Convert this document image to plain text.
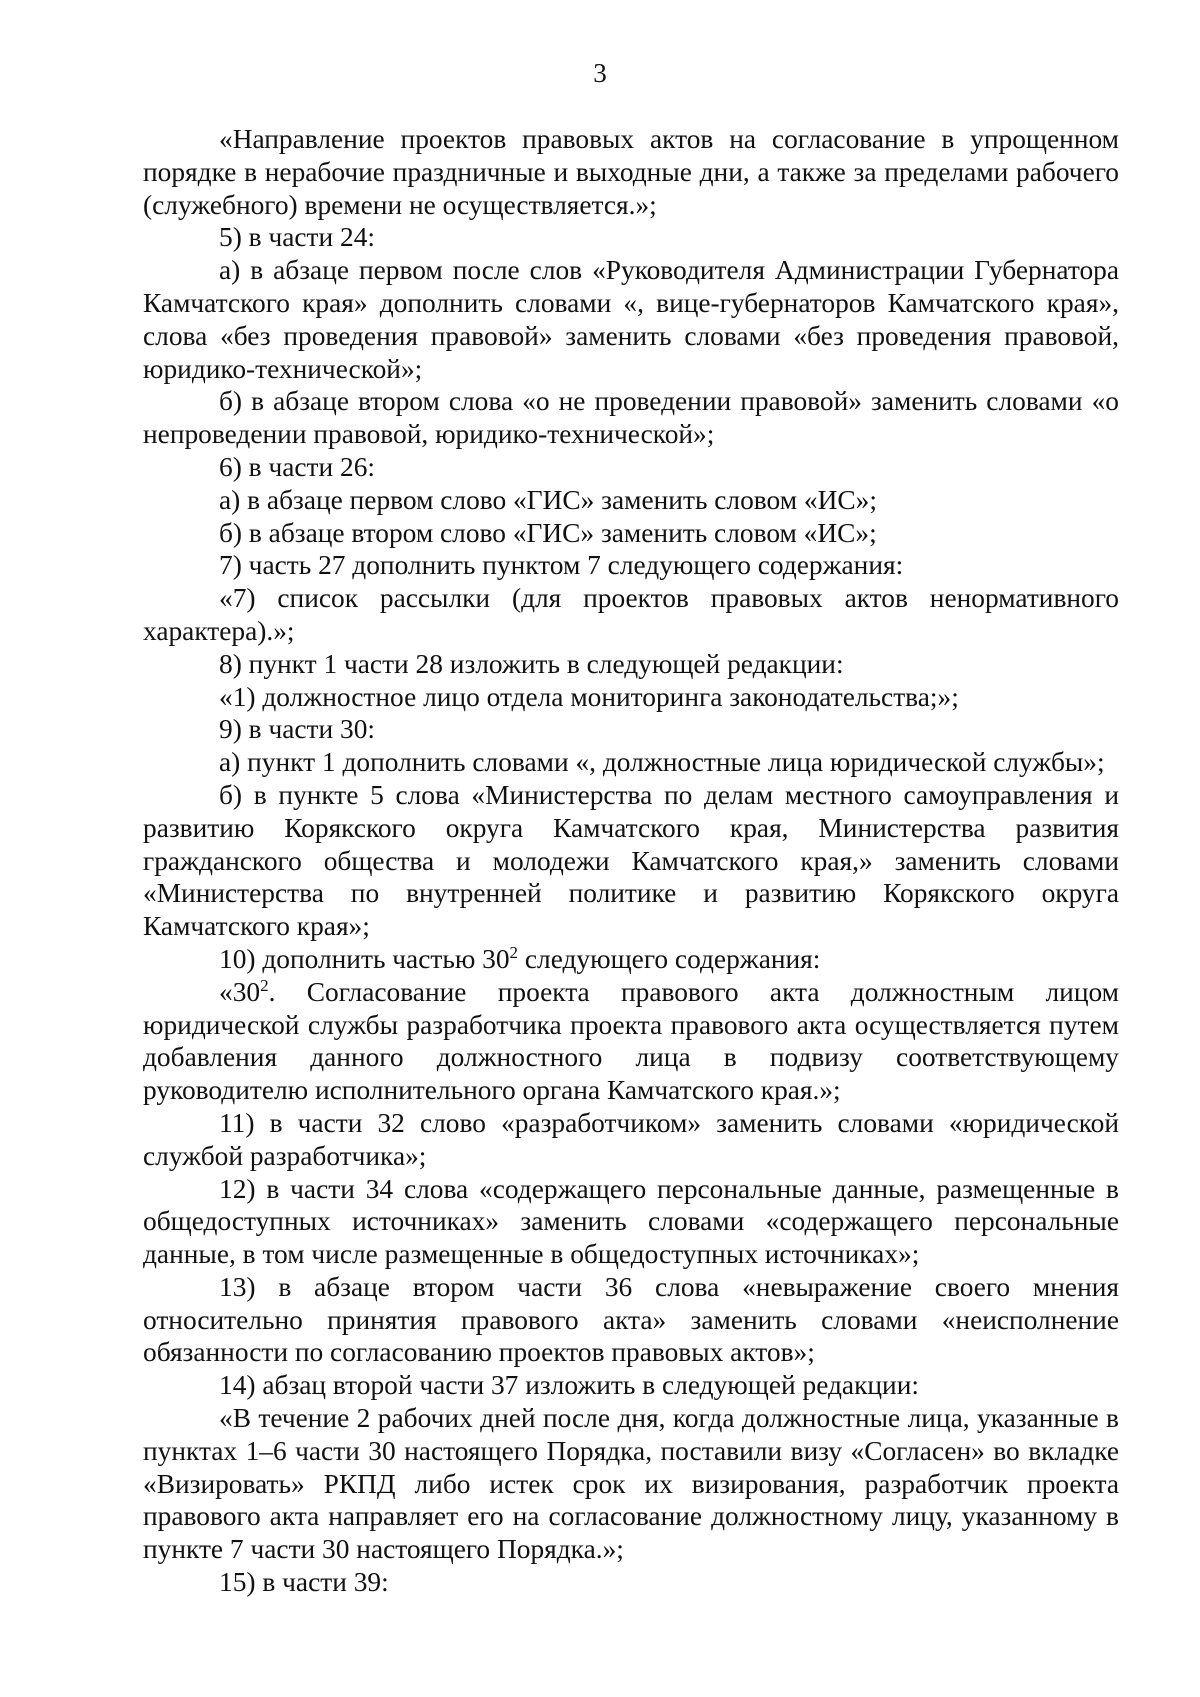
3

«Направление проектов правовых актов на согласование в упрощенном порядке в нерабочие праздничные и выходные дни, а также за пределами рабочего (служебного) времени не осуществляется.»;

5) в части 24:

а) в абзаце первом после слов «Руководителя Администрации Губернатора Камчатского края» дополнить словами «, вице-губернаторов Камчатского края», слова «без проведения правовой» заменить словами «без проведения правовой, юридико-технической»;

б) в абзаце втором слова «о не проведении правовой» заменить словами «о непроведении правовой, юридико-технической»;

6) в части 26:

а) в абзаце первом слово «ГИС» заменить словом «ИС»;

б) в абзаце втором слово «ГИС» заменить словом «ИС»;

7) часть 27 дополнить пунктом 7 следующего содержания:

«7) список рассылки (для проектов правовых актов ненормативного характера).»;

8) пункт 1 части 28 изложить в следующей редакции:

«1) должностное лицо отдела мониторинга законодательства;»;

9) в части 30:

а) пункт 1 дополнить словами «, должностные лица юридической службы»;

б) в пункте 5 слова «Министерства по делам местного самоуправления и развитию Корякского округа Камчатского края, Министерства развития гражданского общества и молодежи Камчатского края,» заменить словами «Министерства по внутренней политике и развитию Корякского округа Камчатского края»;

10) дополнить частью $30^2$ следующего содержания:

«$30^2$. Согласование проекта правового акта должностным лицом юридической службы разработчика проекта правового акта осуществляется путем добавления данного должностного лица в подвизу соответствующему руководителю исполнительного органа Камчатского края.»;

11) в части 32 слово «разработчиком» заменить словами «юридической службой разработчика»;

12) в части 34 слова «содержащего персональные данные, размещенные в общедоступных источниках» заменить словами «содержащего персональные данные, в том числе размещенные в общедоступных источниках»;

13) в абзаце втором части 36 слова «невыражение своего мнения относительно принятия правового акта» заменить словами «неисполнение обязанности по согласованию проектов правовых актов»;

14) абзац второй части 37 изложить в следующей редакции:

«В течение 2 рабочих дней после дня, когда должностные лица, указанные в пунктах 1–6 части 30 настоящего Порядка, поставили визу «Согласен» во вкладке «Визировать» РКПД либо истек срок их визирования, разработчик проекта правового акта направляет его на согласование должностному лицу, указанному в пункте 7 части 30 настоящего Порядка.»;

15) в части 39:
